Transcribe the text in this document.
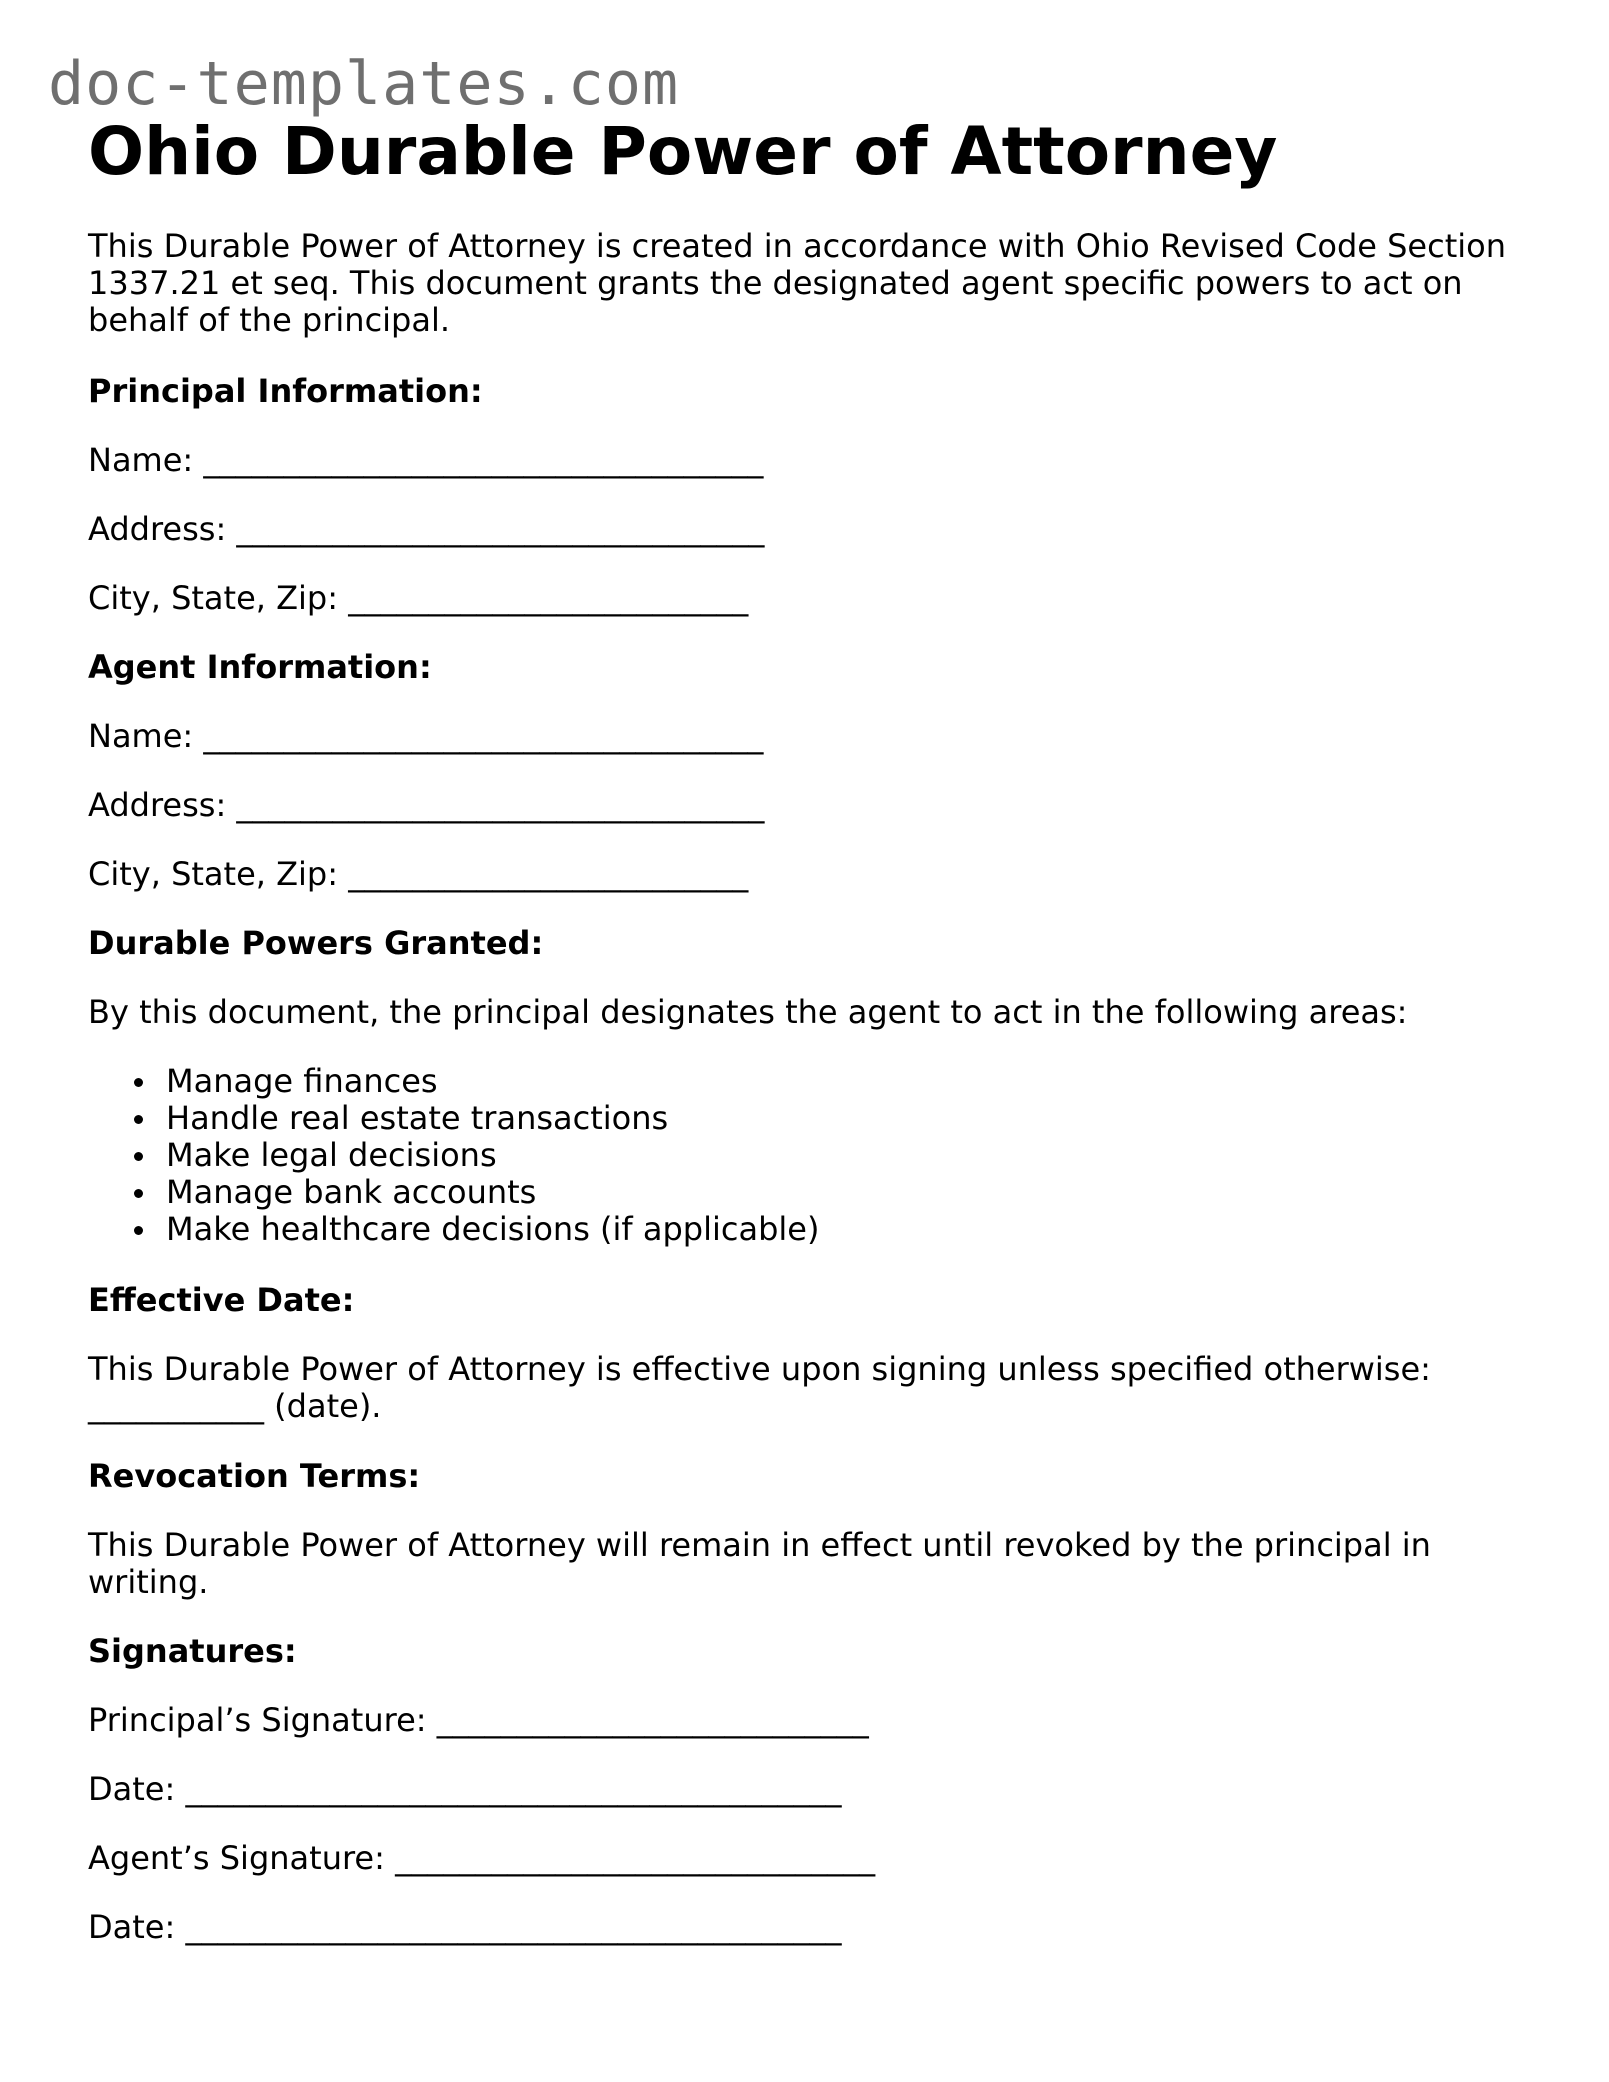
doc-templates.com
Ohio Durable Power of Attorney

This Durable Power of Attorney is created in accordance with Ohio Revised Code Section 1337.21 et seq. This document grants the designated agent specific powers to act on behalf of the principal.

Principal Information:

Name: ___________________________________

Address: _________________________________

City, State, Zip: _________________________

Agent Information:

Name: ___________________________________

Address: _________________________________

City, State, Zip: _________________________

Durable Powers Granted:

By this document, the principal designates the agent to act in the following areas:

Manage finances
Handle real estate transactions
Make legal decisions
Manage bank accounts
Make healthcare decisions (if applicable)

Effective Date:

This Durable Power of Attorney is effective upon signing unless specified otherwise: ___________ (date).

Revocation Terms:

This Durable Power of Attorney will remain in effect until revoked by the principal in writing.

Signatures:

Principal’s Signature: ___________________________

Date: _________________________________________

Agent’s Signature: ______________________________

Date: _________________________________________
